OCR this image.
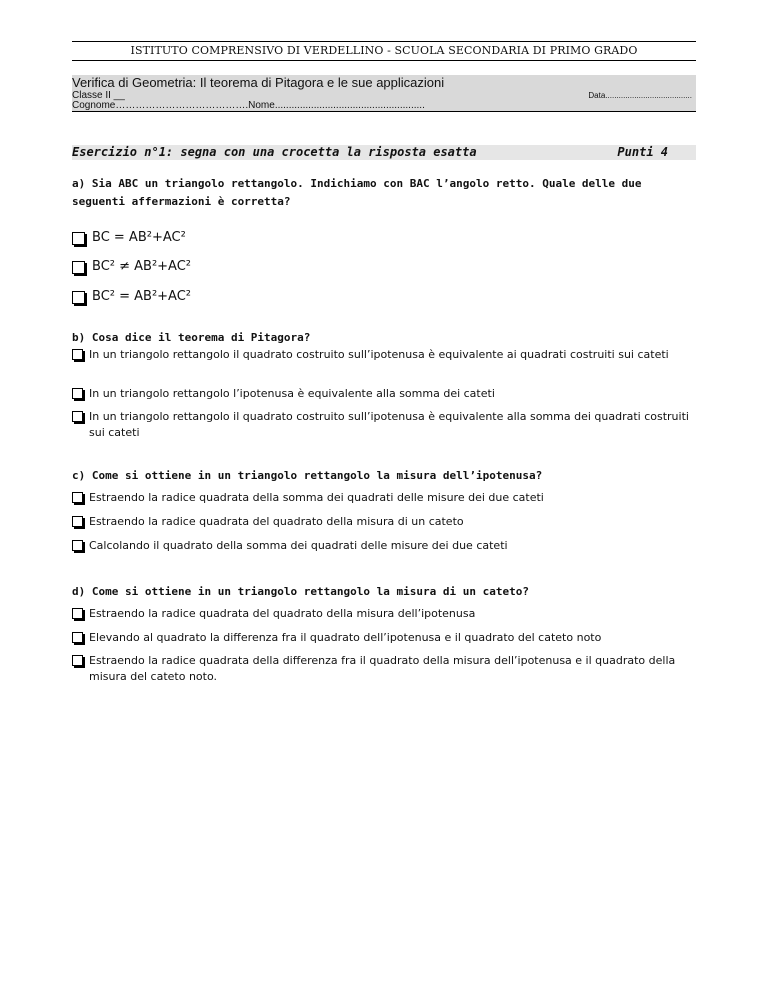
ISTITUTO COMPRENSIVO DI VERDELLINO - SCUOLA SECONDARIA DI PRIMO GRADO
Verifica di Geometria: Il teorema di Pitagora e le sue applicazioni
Classe II __	Data.......................................
Cognome………………………………….Nome......................................................
Esercizio n°1: segna con una crocetta la risposta esatta	Punti 4
a) Sia ABC un triangolo rettangolo. Indichiamo con BAC l’angolo retto. Quale delle due seguenti affermazioni è corretta?
BC = AB²+AC²
BC² ≠ AB²+AC²
BC² = AB²+AC²
b) Cosa dice il teorema di Pitagora?
In un triangolo rettangolo il quadrato costruito sull’ipotenusa è equivalente ai quadrati costruiti sui cateti
In un triangolo rettangolo l’ipotenusa è equivalente alla somma dei cateti
In un triangolo rettangolo il quadrato costruito sull’ipotenusa è equivalente alla somma dei quadrati costruiti sui cateti
c) Come si ottiene in un triangolo rettangolo la misura dell’ipotenusa?
Estraendo la radice quadrata della somma dei quadrati delle misure dei due cateti
Estraendo la radice quadrata del quadrato della misura di un cateto
Calcolando il quadrato della somma dei quadrati delle misure dei due cateti
d) Come si ottiene in un triangolo rettangolo la misura di un cateto?
Estraendo la radice quadrata del quadrato della misura dell’ipotenusa
Elevando al quadrato la differenza fra il quadrato dell’ipotenusa e il quadrato del cateto noto
Estraendo la radice quadrata della differenza fra il quadrato della misura dell’ipotenusa e il quadrato della misura del cateto noto.
